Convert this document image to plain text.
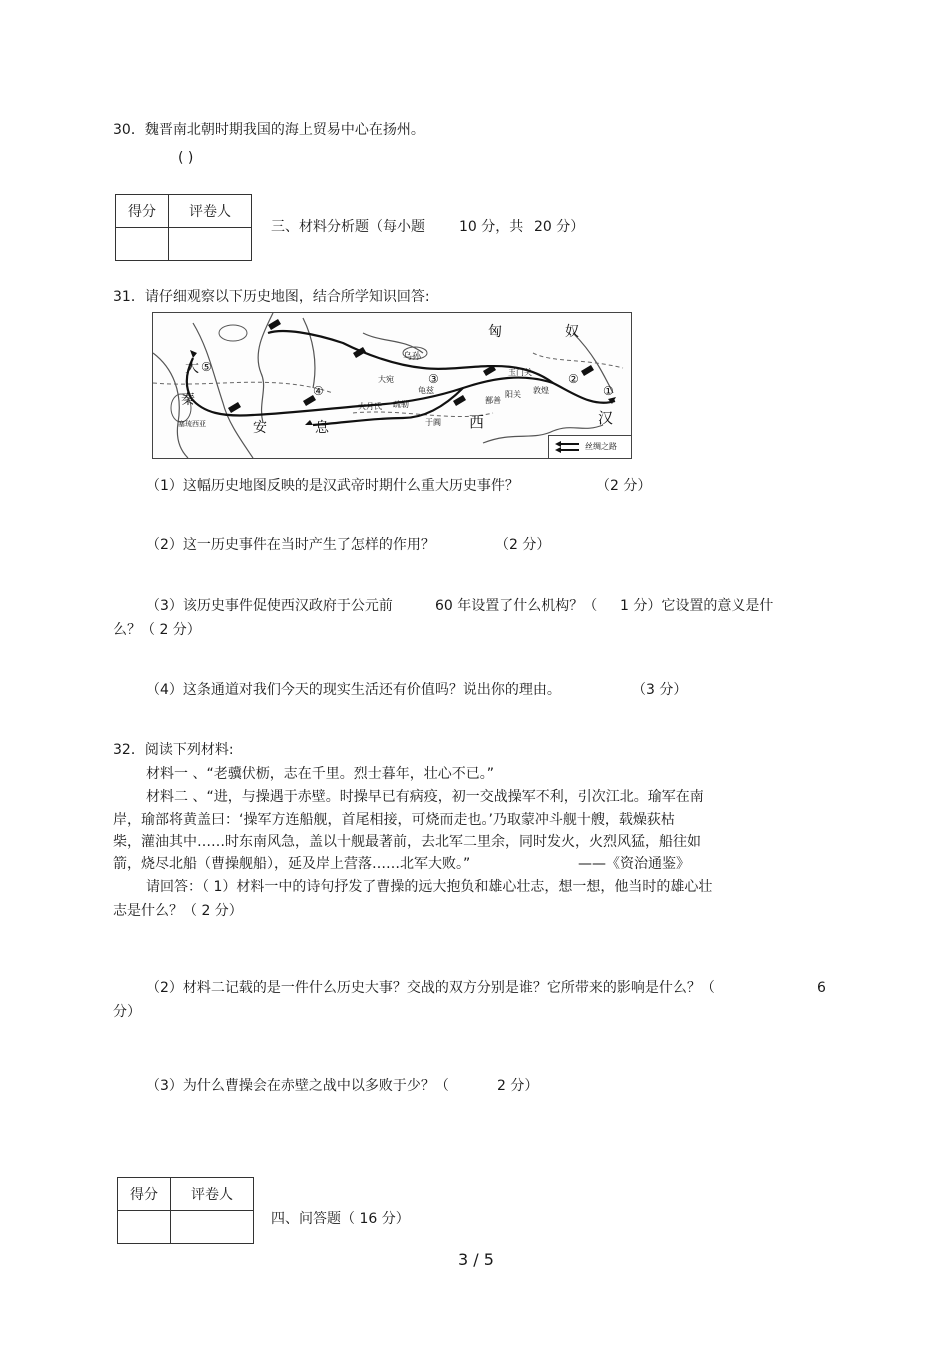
30．魏晋南北朝时期我国的海上贸易中心在扬州。
( )
得分	评卷人

三、材料分析题（每小题 10 分，共 20 分）
31．请仔细观察以下历史地图，结合所学知识回答:
匈	奴
大
秦
安	息	西	汉
玉门关
敦煌
阳关
大宛
大月氏 疏勒
龟兹
于阗
乌孙
鄯善
①
②
③
④
⑤
塞琉西亚
丝绸之路
（1）这幅历史地图反映的是汉武帝时期什么重大历史事件？	（2 分）
（2）这一历史事件在当时产生了怎样的作用？	（2 分）
（3）该历史事件促使西汉政府于公元前	60 年设置了什么机构？（ 1 分）它设置的意义是什
么？（ 2 分）
（4）这条通道对我们今天的现实生活还有价值吗？说出你的理由。	（3 分）
32．阅读下列材料:
材料一 、“老骥伏枥，志在千里。烈士暮年，壮心不已。”
材料二 、“进，与操遇于赤壁。时操早已有病疫，初一交战操军不利，引次江北。瑜军在南
岸，瑜部将黄盖曰：‘操军方连船舰，首尾相接，可烧而走也。’乃取蒙冲斗舰十艘，载燥荻枯
柴，灌油其中……时东南风急，盖以十舰最著前，去北军二里余，同时发火，火烈风猛，船往如
箭，烧尽北船（曹操舰船），延及岸上营落……北军大败。”	——《资治通鉴》
请回答：（ 1）材料一中的诗句抒发了曹操的远大抱负和雄心壮志，想一想，他当时的雄心壮
志是什么？（ 2 分）
（2）材料二记载的是一件什么历史大事？交战的双方分别是谁？它所带来的影响是什么？（	6
分）
（3）为什么曹操会在赤壁之战中以多败于少？（	2 分）
得分	评卷人

四、问答题（ 16 分）
3 / 5
